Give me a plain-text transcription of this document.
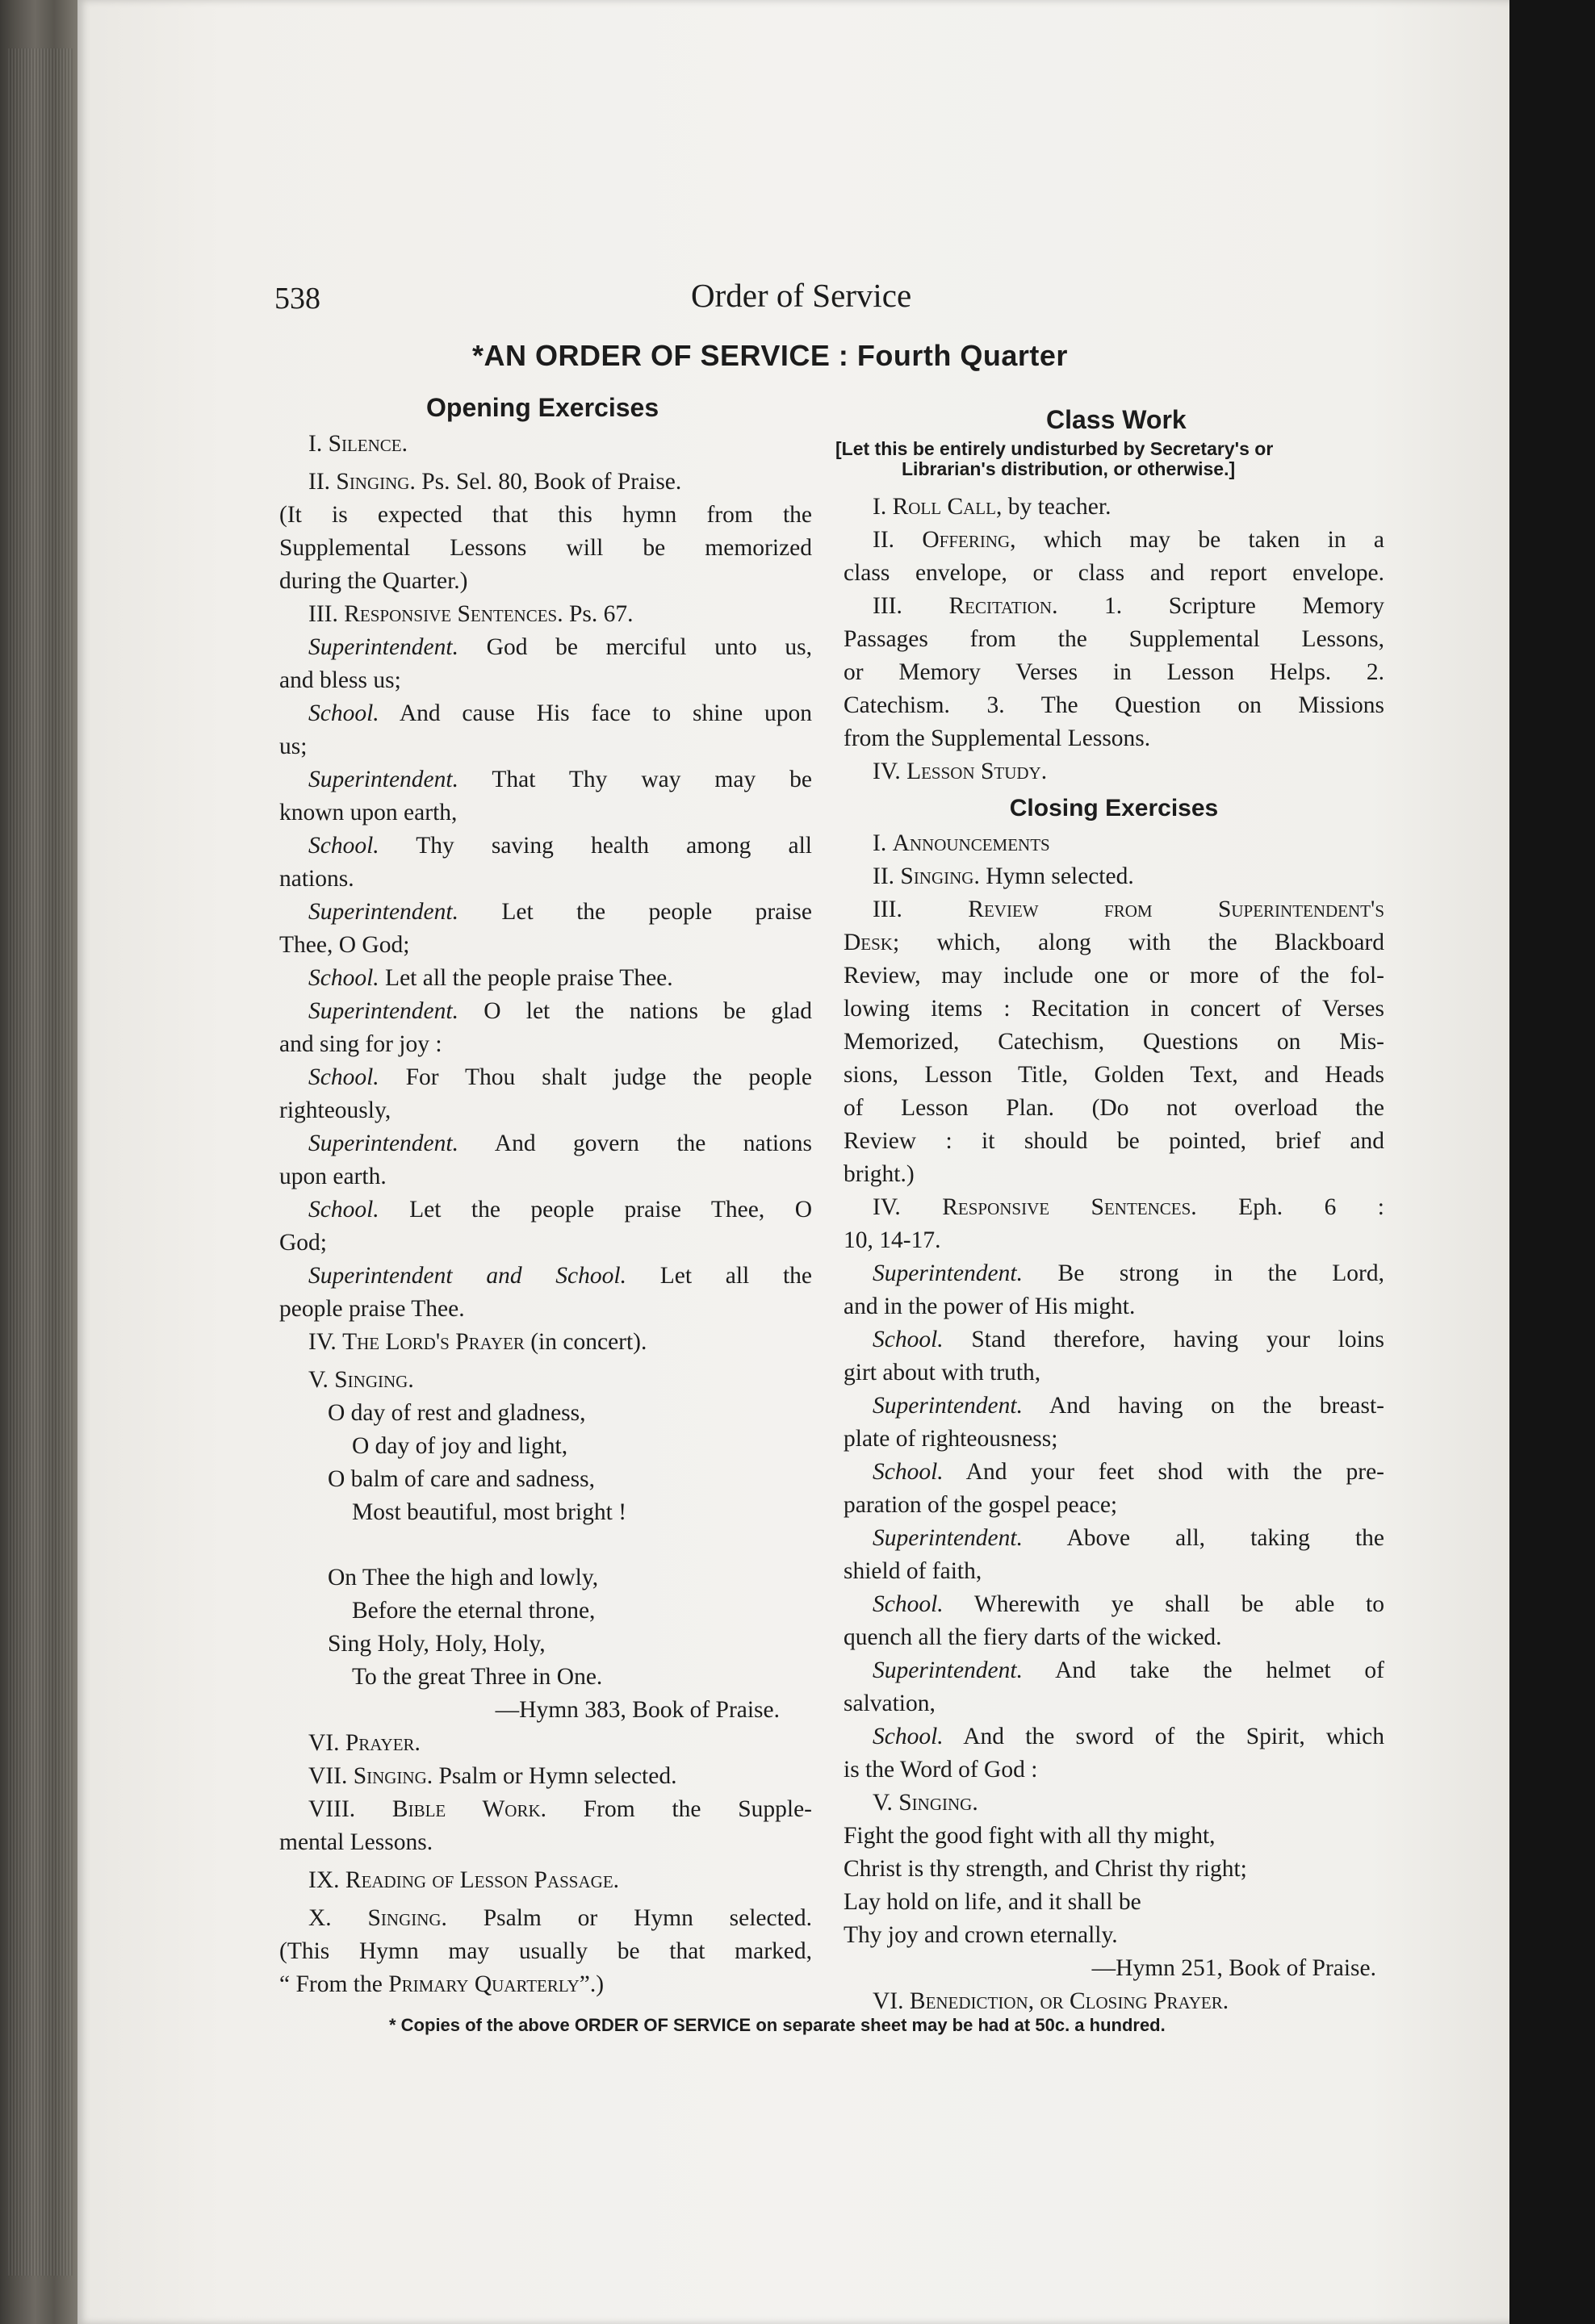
538	Order of Service
*AN ORDER OF SERVICE : Fourth Quarter
Opening Exercises	Class Work
[Let this be entirely undisturbed by Secretary's or
Librarian's distribution, or otherwise.]
I. Silence.
II. Singing. Ps. Sel. 80, Book of Praise.
(It is expected that this hymn from the
Supplemental Lessons will be memorized
during the Quarter.)
III. Responsive Sentences. Ps. 67.
Superintendent. God be merciful unto us,
and bless us;
School. And cause His face to shine upon
us;
Superintendent. That Thy way may be
known upon earth,
School. Thy saving health among all
nations.
Superintendent. Let the people praise
Thee, O God;
School. Let all the people praise Thee.
Superintendent. O let the nations be glad
and sing for joy :
School. For Thou shalt judge the people
righteously,
Superintendent. And govern the nations
upon earth.
School. Let the people praise Thee, O
God;
Superintendent and School. Let all the
people praise Thee.
IV. The Lord's Prayer (in concert).
V. Singing.
O day of rest and gladness,
O day of joy and light,
O balm of care and sadness,
Most beautiful, most bright !
On Thee the high and lowly,
Before the eternal throne,
Sing Holy, Holy, Holy,
To the great Three in One.
—Hymn 383, Book of Praise.
VI. Prayer.
VII. Singing. Psalm or Hymn selected.
VIII. Bible Work. From the Supple-
mental Lessons.
IX. Reading of Lesson Passage.
X. Singing. Psalm or Hymn selected.
(This Hymn may usually be that marked,
“ From the Primary Quarterly”.)
I. Roll Call, by teacher.
II. Offering, which may be taken in a
class envelope, or class and report envelope.
III. Recitation. 1. Scripture Memory
Passages from the Supplemental Lessons,
or Memory Verses in Lesson Helps. 2.
Catechism. 3. The Question on Missions
from the Supplemental Lessons.
IV. Lesson Study.
Closing Exercises
I. Announcements
II. Singing. Hymn selected.
III.	Review from Superintendent's
Desk; which, along with the Blackboard
Review, may include one or more of the fol-
lowing items : Recitation in concert of Verses
Memorized, Catechism, Questions on Mis-
sions, Lesson Title, Golden Text, and Heads
of Lesson Plan. (Do not overload the
Review : it should be pointed, brief and
bright.)
IV. Responsive Sentences. Eph. 6 :
10, 14-17.
Superintendent. Be strong in the Lord,
and in the power of His might.
School. Stand therefore, having your loins
girt about with truth,
Superintendent. And having on the breast-
plate of righteousness;
School. And your feet shod with the pre-
paration of the gospel peace;
Superintendent. Above all, taking the
shield of faith,
School. Wherewith ye shall be able to
quench all the fiery darts of the wicked.
Superintendent. And take the helmet of
salvation,
School. And the sword of the Spirit, which
is the Word of God :
V. Singing.
Fight the good fight with all thy might,
Christ is thy strength, and Christ thy right;
Lay hold on life, and it shall be
Thy joy and crown eternally.
—Hymn 251, Book of Praise.
VI. Benediction, or Closing Prayer.
* Copies of the above ORDER OF SERVICE on separate sheet may be had at 50c. a hundred.
